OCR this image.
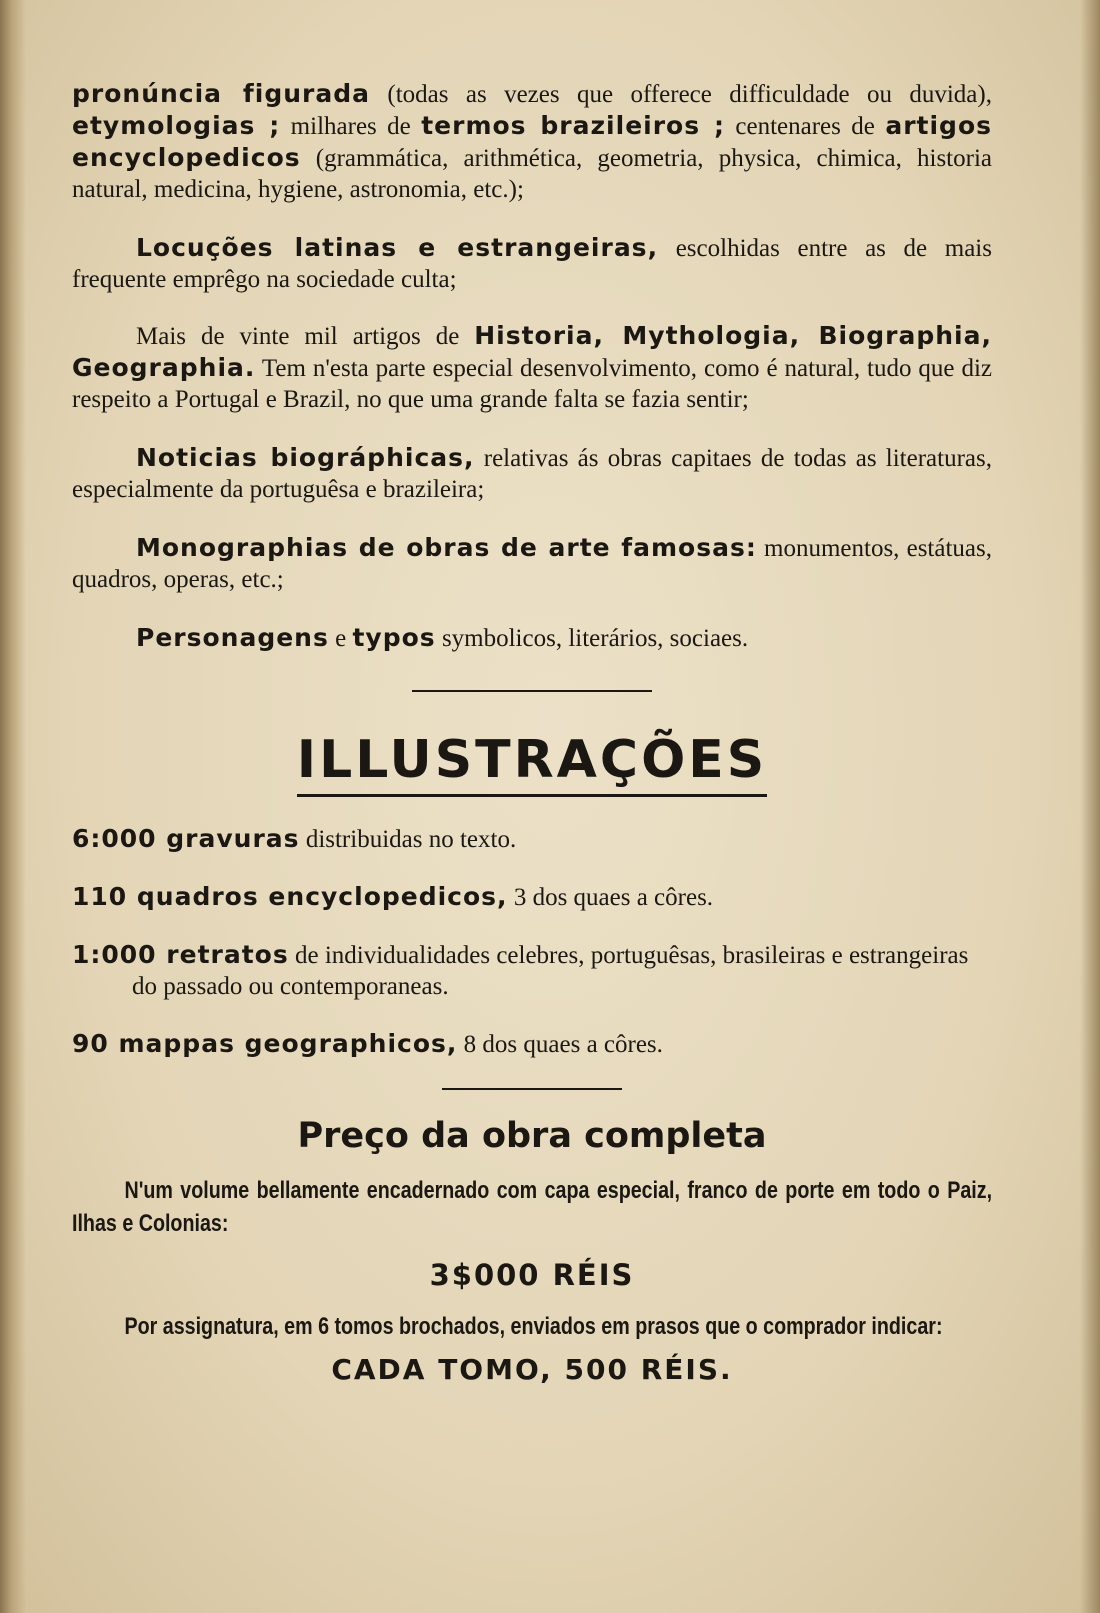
pronúncia figurada (todas as vezes que offerece difficuldade ou duvida), etymologias ; milhares de termos brazileiros ; centenares de artigos encyclopedicos (grammática, arithmética, geometria, physica, chimica, historia natural, medicina, hygiene, astronomia, etc.);

Locuções latinas e estrangeiras, escolhidas entre as de mais frequente emprêgo na sociedade culta;

Mais de vinte mil artigos de Historia, Mythologia, Biographia, Geographia. Tem n'esta parte especial desenvolvimento, como é natural, tudo que diz respeito a Portugal e Brazil, no que uma grande falta se fazia sentir;

Noticias biográphicas, relativas ás obras capitaes de todas as literaturas, especialmente da portuguêsa e brazileira;

Monographias de obras de arte famosas: monumentos, estátuas, quadros, operas, etc.;

Personagens e typos symbolicos, literários, sociaes.

ILLUSTRAÇÕES

6:000 gravuras distribuidas no texto.

110 quadros encyclopedicos, 3 dos quaes a côres.

1:000 retratos de individualidades celebres, portuguêsas, brasileiras e estrangeiras do passado ou contemporaneas.

90 mappas geographicos, 8 dos quaes a côres.

Preço da obra completa

N'um volume bellamente encadernado com capa especial, franco de porte em todo o Paiz, Ilhas e Colonias:

3$000 RÉIS

Por assignatura, em 6 tomos brochados, enviados em prasos que o comprador indicar:

CADA TOMO, 500 RÉIS.
